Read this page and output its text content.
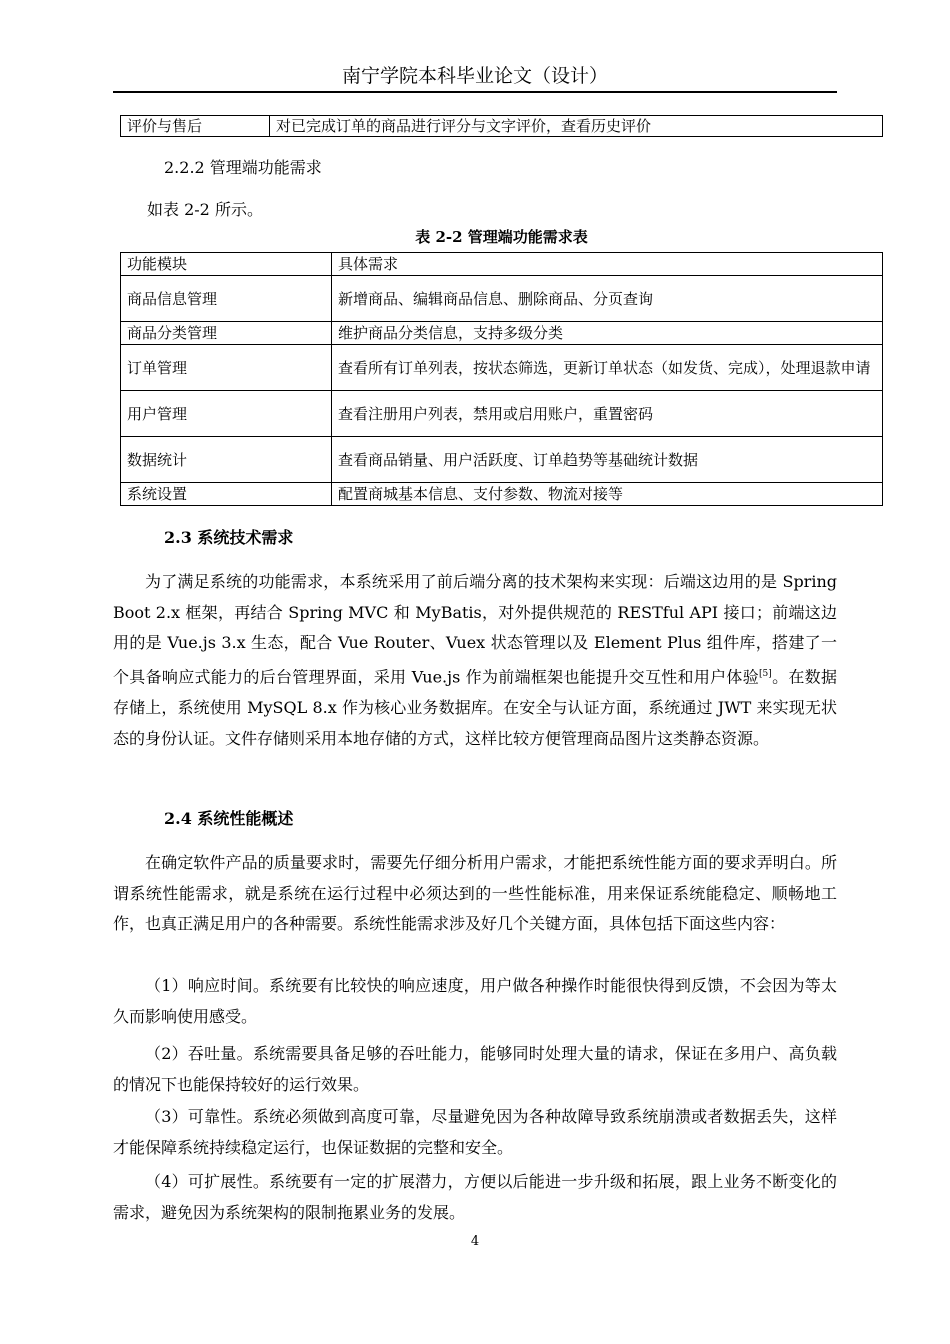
南宁学院本科毕业论文（设计）
评价与售后	对已完成订单的商品进行评分与文字评价，查看历史评价
2.2.2 管理端功能需求
如表 2-2 所示。
表 2-2 管理端功能需求表
功能模块	具体需求
商品信息管理	新增商品、编辑商品信息、删除商品、分页查询
商品分类管理	维护商品分类信息，支持多级分类
订单管理	查看所有订单列表，按状态筛选，更新订单状态（如发货、完成），处理退款申请
用户管理	查看注册用户列表，禁用或启用账户，重置密码
数据统计	查看商品销量、用户活跃度、订单趋势等基础统计数据
系统设置	配置商城基本信息、支付参数、物流对接等
2.3 系统技术需求

为了满足系统的功能需求，本系统采用了前后端分离的技术架构来实现：后端这边用的是 Spring Boot 2.x 框架，再结合 Spring MVC 和 MyBatis，对外提供规范的 RESTful API 接口；前端这边用的是 Vue.js 3.x 生态，配合 Vue Router、Vuex 状态管理以及 Element Plus 组件库，搭建了一个具备响应式能力的后台管理界面，采用 Vue.js 作为前端框架也能提升交互性和用户体验[5]。在数据存储上，系统使用 MySQL 8.x 作为核心业务数据库。在安全与认证方面，系统通过 JWT 来实现无状态的身份认证。文件存储则采用本地存储的方式，这样比较方便管理商品图片这类静态资源。

2.4 系统性能概述

在确定软件产品的质量要求时，需要先仔细分析用户需求，才能把系统性能方面的要求弄明白。所谓系统性能需求，就是系统在运行过程中必须达到的一些性能标准，用来保证系统能稳定、顺畅地工作，也真正满足用户的各种需要。系统性能需求涉及好几个关键方面，具体包括下面这些内容：

（1）响应时间。系统要有比较快的响应速度，用户做各种操作时能很快得到反馈，不会因为等太久而影响使用感受。

（2）吞吐量。系统需要具备足够的吞吐能力，能够同时处理大量的请求，保证在多用户、高负载的情况下也能保持较好的运行效果。

（3）可靠性。系统必须做到高度可靠，尽量避免因为各种故障导致系统崩溃或者数据丢失，这样才能保障系统持续稳定运行，也保证数据的完整和安全。

（4）可扩展性。系统要有一定的扩展潜力，方便以后能进一步升级和拓展，跟上业务不断变化的需求，避免因为系统架构的限制拖累业务的发展。

4
